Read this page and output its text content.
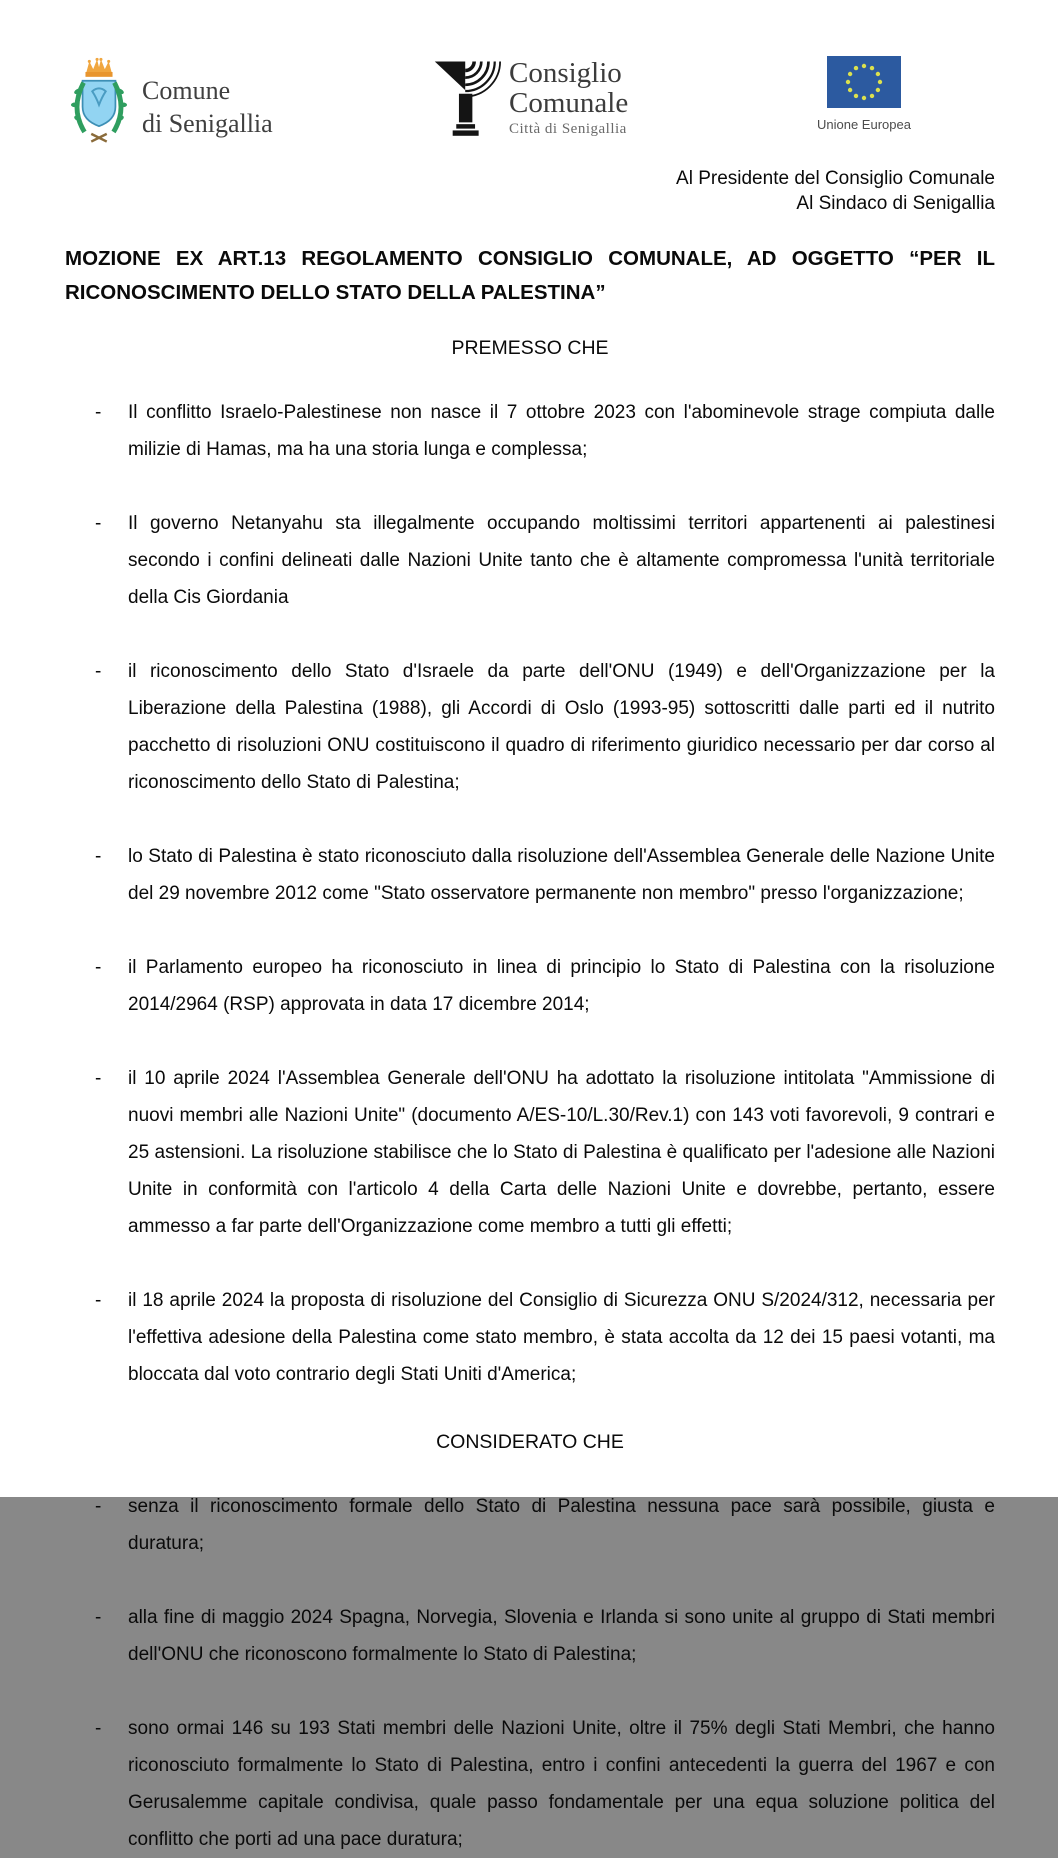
Comune
di Senigallia
Consiglio
Comunale
Città di Senigallia	Unione Europea
Al Presidente del Consiglio Comunale
Al Sindaco di Senigallia

MOZIONE EX ART.13 REGOLAMENTO CONSIGLIO COMUNALE, AD OGGETTO “PER IL RICONOSCIMENTO DELLO STATO DELLA PALESTINA”

PREMESSO CHE
-	Il conflitto Israelo-Palestinese non nasce il 7 ottobre 2023 con l'abominevole strage compiuta dalle milizie di Hamas, ma ha una storia lunga e complessa;

-	Il governo Netanyahu sta illegalmente occupando moltissimi territori appartenenti ai palestinesi secondo i confini delineati dalle Nazioni Unite tanto che è altamente compromessa l'unità territoriale della Cis Giordania

-	il riconoscimento dello Stato d'Israele da parte dell'ONU (1949) e dell'Organizzazione per la Liberazione della Palestina (1988), gli Accordi di Oslo (1993-95) sottoscritti dalle parti ed il nutrito pacchetto di risoluzioni ONU costituiscono il quadro di riferimento giuridico necessario per dar corso al riconoscimento dello Stato di Palestina;

-	lo Stato di Palestina è stato riconosciuto dalla risoluzione dell'Assemblea Generale delle Nazione Unite del 29 novembre 2012 come "Stato osservatore permanente non membro" presso l'organizzazione;

-	il Parlamento europeo ha riconosciuto in linea di principio lo Stato di Palestina con la risoluzione 2014/2964 (RSP) approvata in data 17 dicembre 2014;

-	il 10 aprile 2024 l'Assemblea Generale dell'ONU ha adottato la risoluzione intitolata "Ammissione di nuovi membri alle Nazioni Unite" (documento A/ES-10/L.30/Rev.1) con 143 voti favorevoli, 9 contrari e 25 astensioni. La risoluzione stabilisce che lo Stato di Palestina è qualificato per l'adesione alle Nazioni Unite in conformità con l'articolo 4 della Carta delle Nazioni Unite e dovrebbe, pertanto, essere ammesso a far parte dell'Organizzazione come membro a tutti gli effetti;

-	il 18 aprile 2024 la proposta di risoluzione del Consiglio di Sicurezza ONU S/2024/312, necessaria per l'effettiva adesione della Palestina come stato membro, è stata accolta da 12 dei 15 paesi votanti, ma bloccata dal voto contrario degli Stati Uniti d'America;

CONSIDERATO CHE
-	senza il riconoscimento formale dello Stato di Palestina nessuna pace sarà possibile, giusta e duratura;

-	alla fine di maggio 2024 Spagna, Norvegia, Slovenia e Irlanda si sono unite al gruppo di Stati membri dell'ONU che riconoscono formalmente lo Stato di Palestina;

-	sono ormai 146 su 193 Stati membri delle Nazioni Unite, oltre il 75% degli Stati Membri, che hanno riconosciuto formalmente lo Stato di Palestina, entro i confini antecedenti la guerra del 1967 e con Gerusalemme capitale condivisa, quale passo fondamentale per una equa soluzione politica del conflitto che porti ad una pace duratura;
